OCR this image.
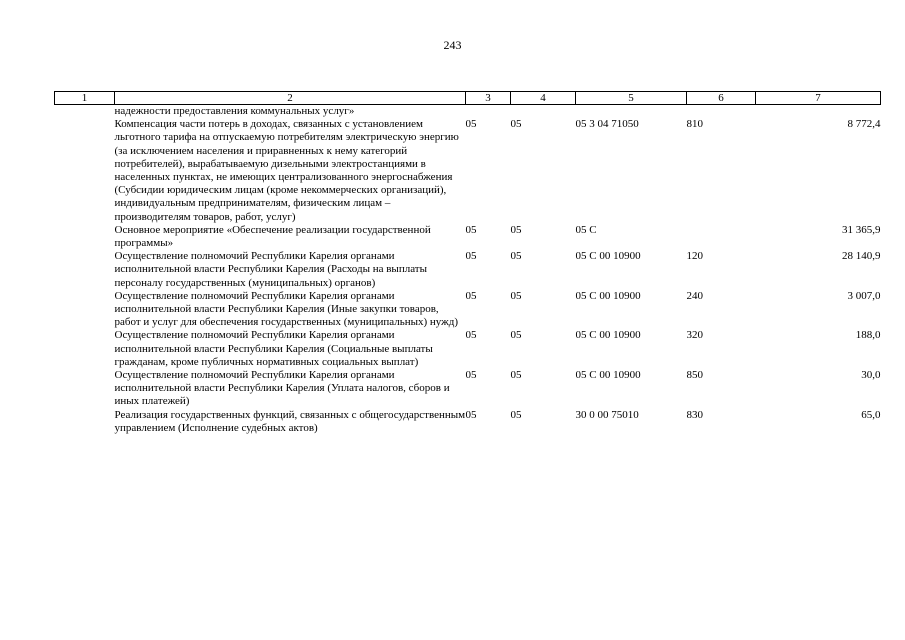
243
1	2	3	4	5	6	7
	надежности предоставления коммунальных услуг»					
	Компенсация части потерь в доходах, связанных с установлением льготного тарифа на отпускаемую потребителям электрическую энергию (за исключением населения и приравненных к нему категорий потребителей), вырабатываемую дизельными электростанциями в населенных пунктах, не имеющих централизованного энергоснабжения (Субсидии юридическим лицам (кроме некоммерческих организаций), индивидуальным предпринимателям, физическим лицам – производителям товаров, работ, услуг)	05	05	05 3 04 71050	810	8 772,4
	Основное мероприятие «Обеспечение реализации государственной программы»	05	05	05 С		31 365,9
	Осуществление полномочий Республики Карелия органами исполнительной власти Республики Карелия (Расходы на выплаты персоналу государственных (муниципальных) органов)	05	05	05 С 00 10900	120	28 140,9
	Осуществление полномочий Республики Карелия органами исполнительной власти Республики Карелия (Иные закупки товаров, работ и услуг для обеспечения государственных (муниципальных) нужд)	05	05	05 С 00 10900	240	3 007,0
	Осуществление полномочий Республики Карелия органами исполнительной власти Республики Карелия (Социальные выплаты гражданам, кроме публичных нормативных социальных выплат)	05	05	05 С 00 10900	320	188,0
	Осуществление полномочий Республики Карелия органами исполнительной власти Республики Карелия (Уплата налогов, сборов и иных платежей)	05	05	05 С 00 10900	850	30,0
	Реализация государственных функций, связанных с общегосударственным управлением (Исполнение судебных актов)	05	05	30 0 00 75010	830	65,0
